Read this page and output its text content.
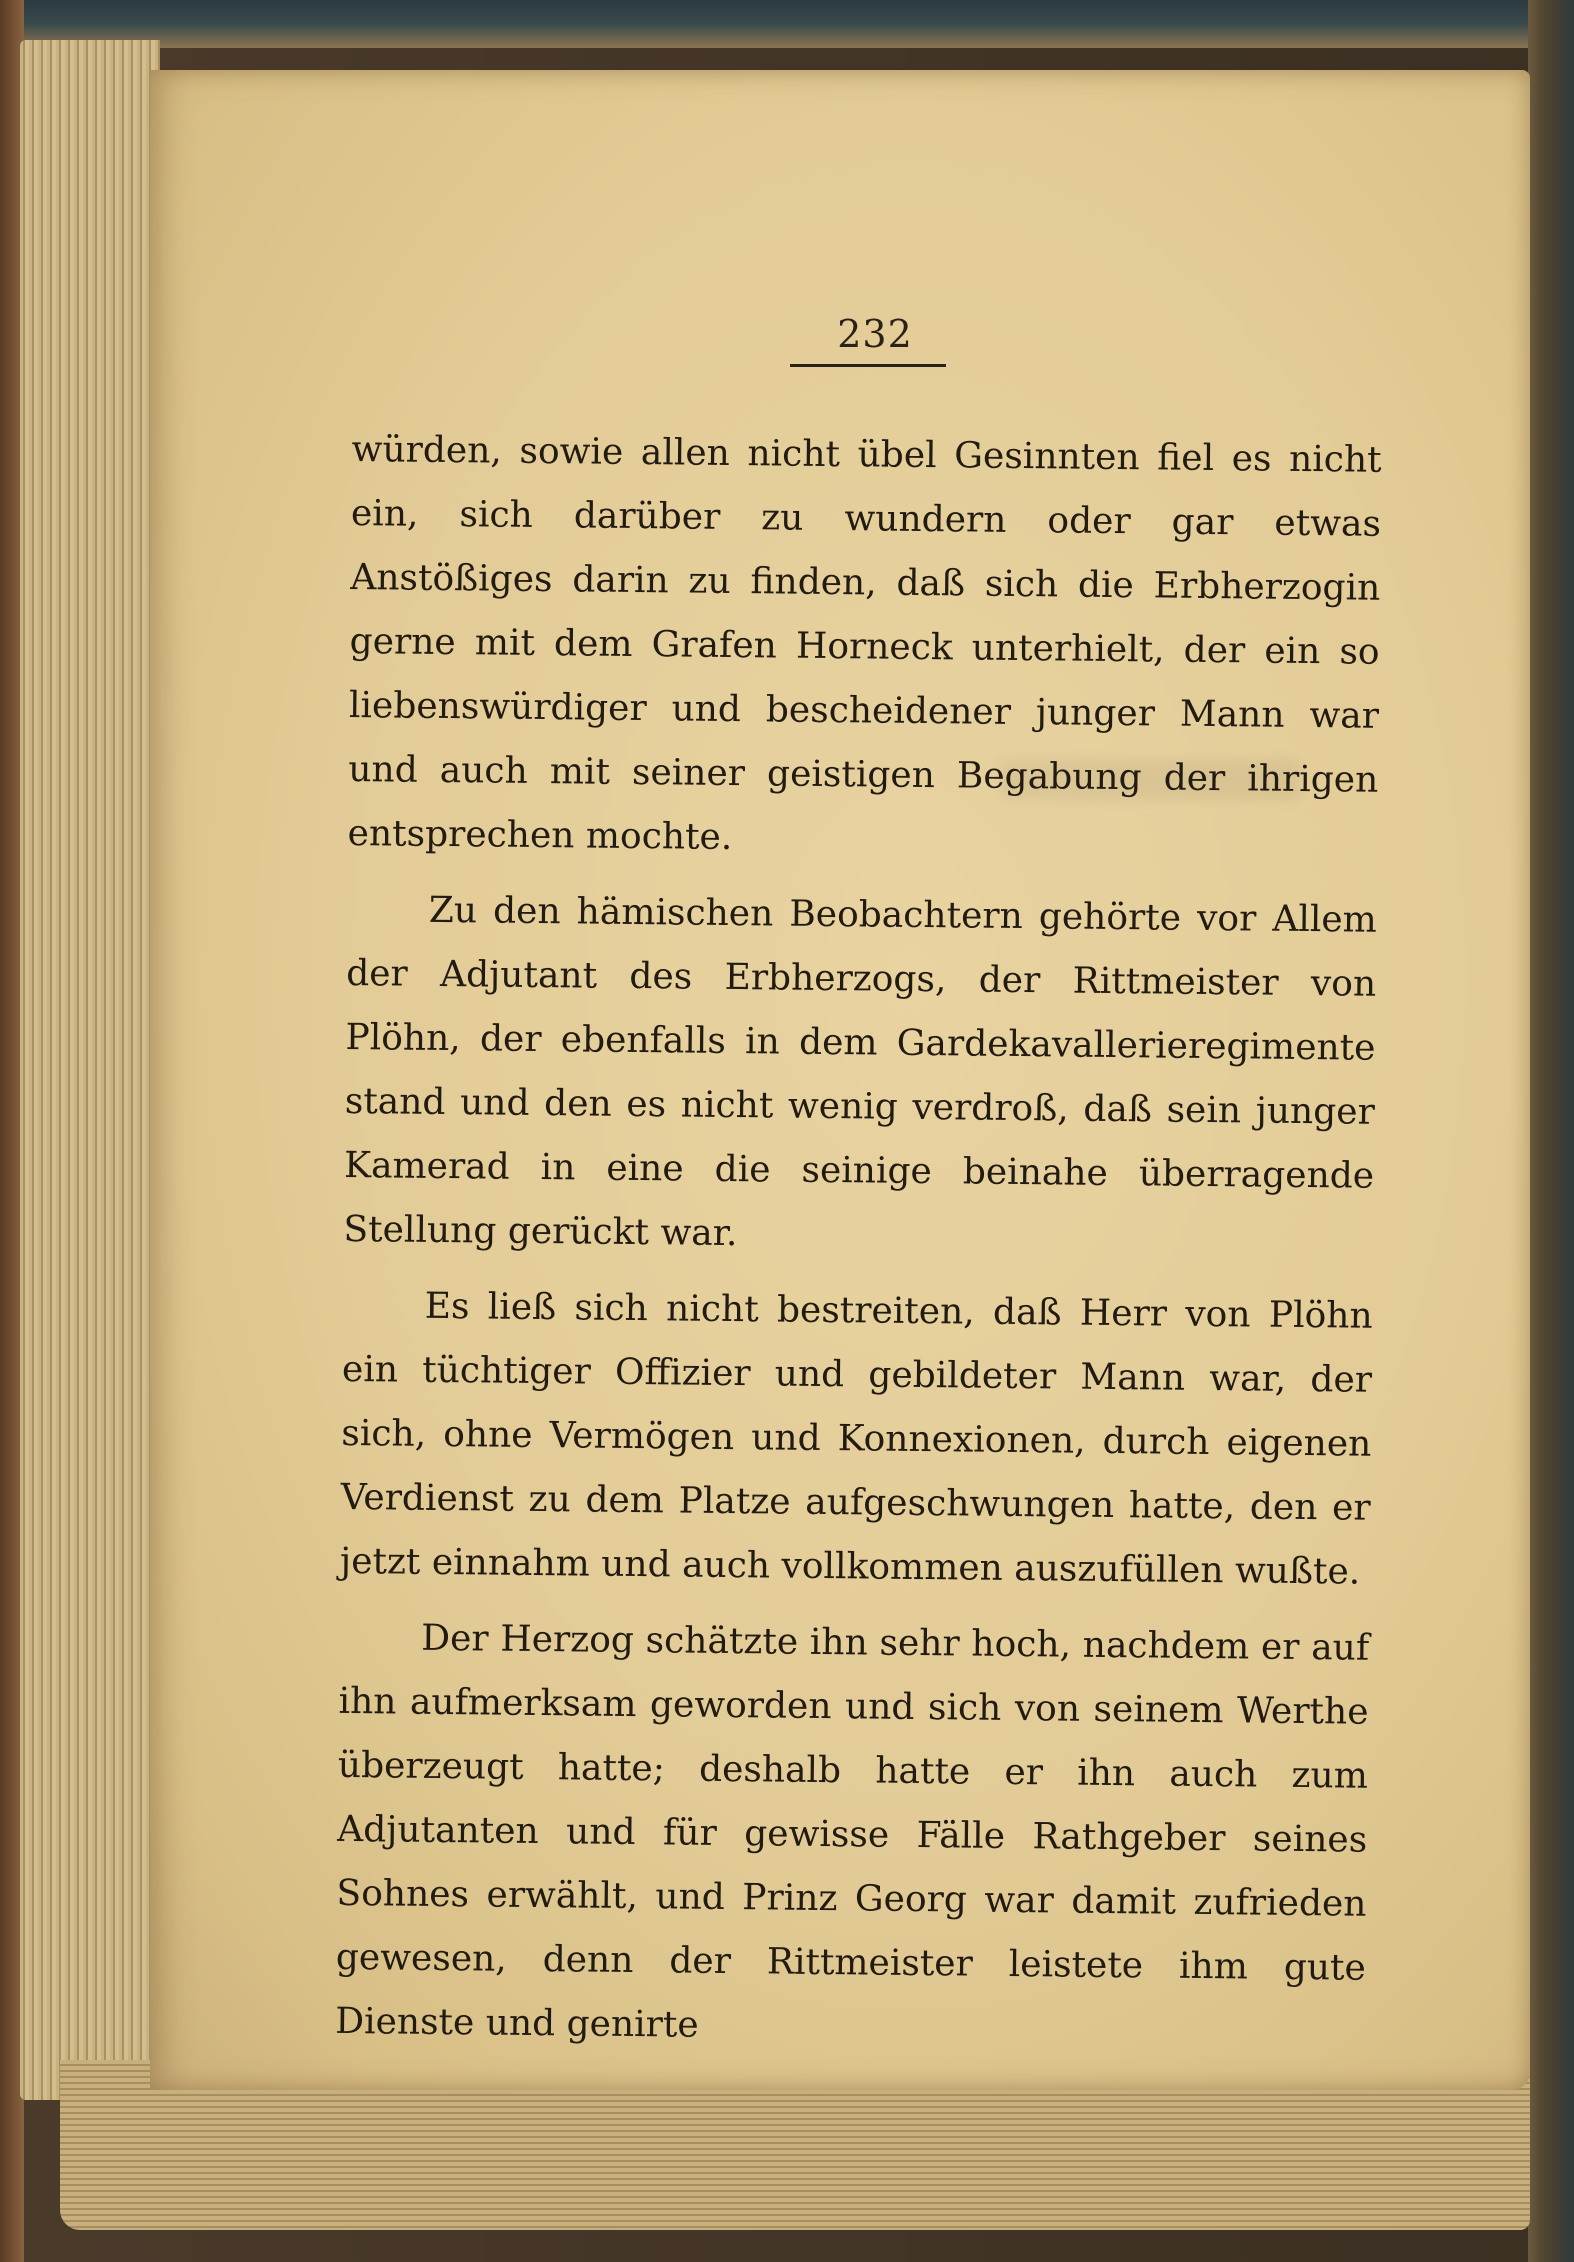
232

würden, sowie allen nicht übel Gesinnten fiel es nicht ein, sich darüber zu wundern oder gar etwas Anstößiges darin zu finden, daß sich die Erbherzogin gerne mit dem Grafen Horneck unterhielt, der ein so liebenswürdiger und bescheidener junger Mann war und auch mit seiner geistigen Begabung der ihrigen entsprechen mochte.

Zu den hämischen Beobachtern gehörte vor Allem der Adjutant des Erbherzogs, der Rittmeister von Plöhn, der ebenfalls in dem Gardekavallerieregimente stand und den es nicht wenig verdroß, daß sein junger Kamerad in eine die seinige beinahe überragende Stellung gerückt war.

Es ließ sich nicht bestreiten, daß Herr von Plöhn ein tüchtiger Offizier und gebildeter Mann war, der sich, ohne Vermögen und Konnexionen, durch eigenen Verdienst zu dem Platze aufgeschwungen hatte, den er jetzt einnahm und auch vollkommen auszufüllen wußte.

Der Herzog schätzte ihn sehr hoch, nachdem er auf ihn aufmerksam geworden und sich von seinem Werthe überzeugt hatte; deshalb hatte er ihn auch zum Adjutanten und für gewisse Fälle Rathgeber seines Sohnes erwählt, und Prinz Georg war damit zufrieden gewesen, denn der Rittmeister leistete ihm gute Dienste und genirte
